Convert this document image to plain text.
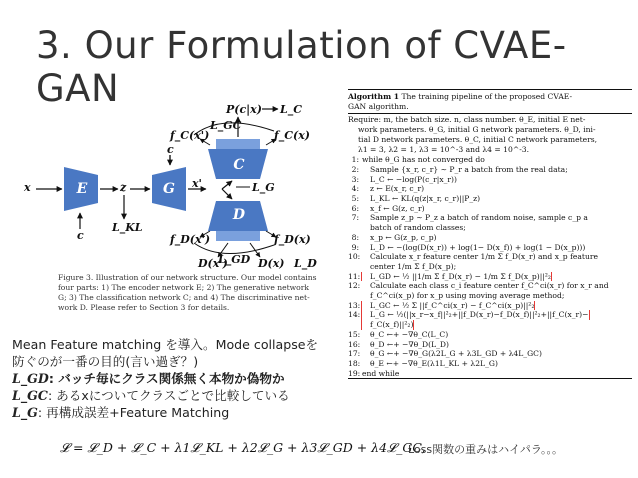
3. Our Formulation of CVAE-GAN
E	G
C
D
x	z	x'
c
c
L_KL
P(c|x) L_C
L_GC
f_C(x')	f_C(x)
L_G
f_D(x')	f_D(x)
L_GD
D(x')	D(x) L_D
Figure 3. Illustration of our network structure. Our model contains
four parts: 1) The encoder network E; 2) The generative network
G; 3) The classification network C; and 4) The discriminative net-
work D. Please refer to Section 3 for details.
Algorithm 1 The training pipeline of the proposed CVAE-
GAN algorithm.
Require: m, the batch size. n, class number. θ_E, initial E net-
work parameters. θ_G, initial G network parameters. θ_D, ini-
tial D network parameters. θ_C, initial C network parameters,
λ1 = 3, λ2 = 1, λ3 = 10^-3 and λ4 = 10^-3.
1: while θ_G has not converged do
2:	Sample {x_r, c_r} ∼ P_r a batch from the real data;
3:	L_C ← −log(P(c_r|x_r))
4:	z ← E(x_r, c_r)
5:	L_KL ← KL(q(z|x_r, c_r)||P_z)
6:	x_f ← G(z, c_r)
7:	Sample z_p ∼ P_z a batch of random noise, sample c_p a
batch of random classes;
8:	x_p ← G(z_p, c_p)
9:	L_D ← −(log(D(x_r)) + log(1− D(x_f)) + log(1 − D(x_p)))
10:	Calculate x_r feature center 1/m Σ f_D(x_r) and x_p feature
center 1/m Σ f_D(x_p);
11:	L_GD ← ½ ||1/m Σ f_D(x_r) − 1/m Σ f_D(x_p)||²₂
12:	Calculate each class c_i feature center f_C^ci(x_r) for x_r and
f_C^ci(x_p) for x_p using moving average method;
13:	L_GC ← ½ Σ ||f_C^ci(x_r) − f_C^ci(x_p)||²₂
14:	L_G ← ½(||x_r−x_f||²₂+||f_D(x_r)−f_D(x_f)||²₂+||f_C(x_r)−
f_C(x_f)||²₂)
15:	θ_C ←+ −∇θ_C(L_C)
16:	θ_D ←+ −∇θ_D(L_D)
17:	θ_G ←+ −∇θ_G(λ2L_G + λ3L_GD + λ4L_GC)
18:	θ_E ←+ −∇θ_E(λ1L_KL + λ2L_G)
19: end while
Mean Feature matching を導入。Mode collapseを
防ぐのが一番の目的(言い過ぎ？)
L_GD: バッチ毎にクラス関係無く本物か偽物か
L_GC: あるxについてクラスごとで比較している
L_G: 再構成誤差+Feature Matching
𝓛 = 𝓛_D + 𝓛_C + λ1𝓛_KL + λ2𝓛_G + λ3𝓛_GD + λ4𝓛_GC,
Loss関数の重みはハイパラ。。。
